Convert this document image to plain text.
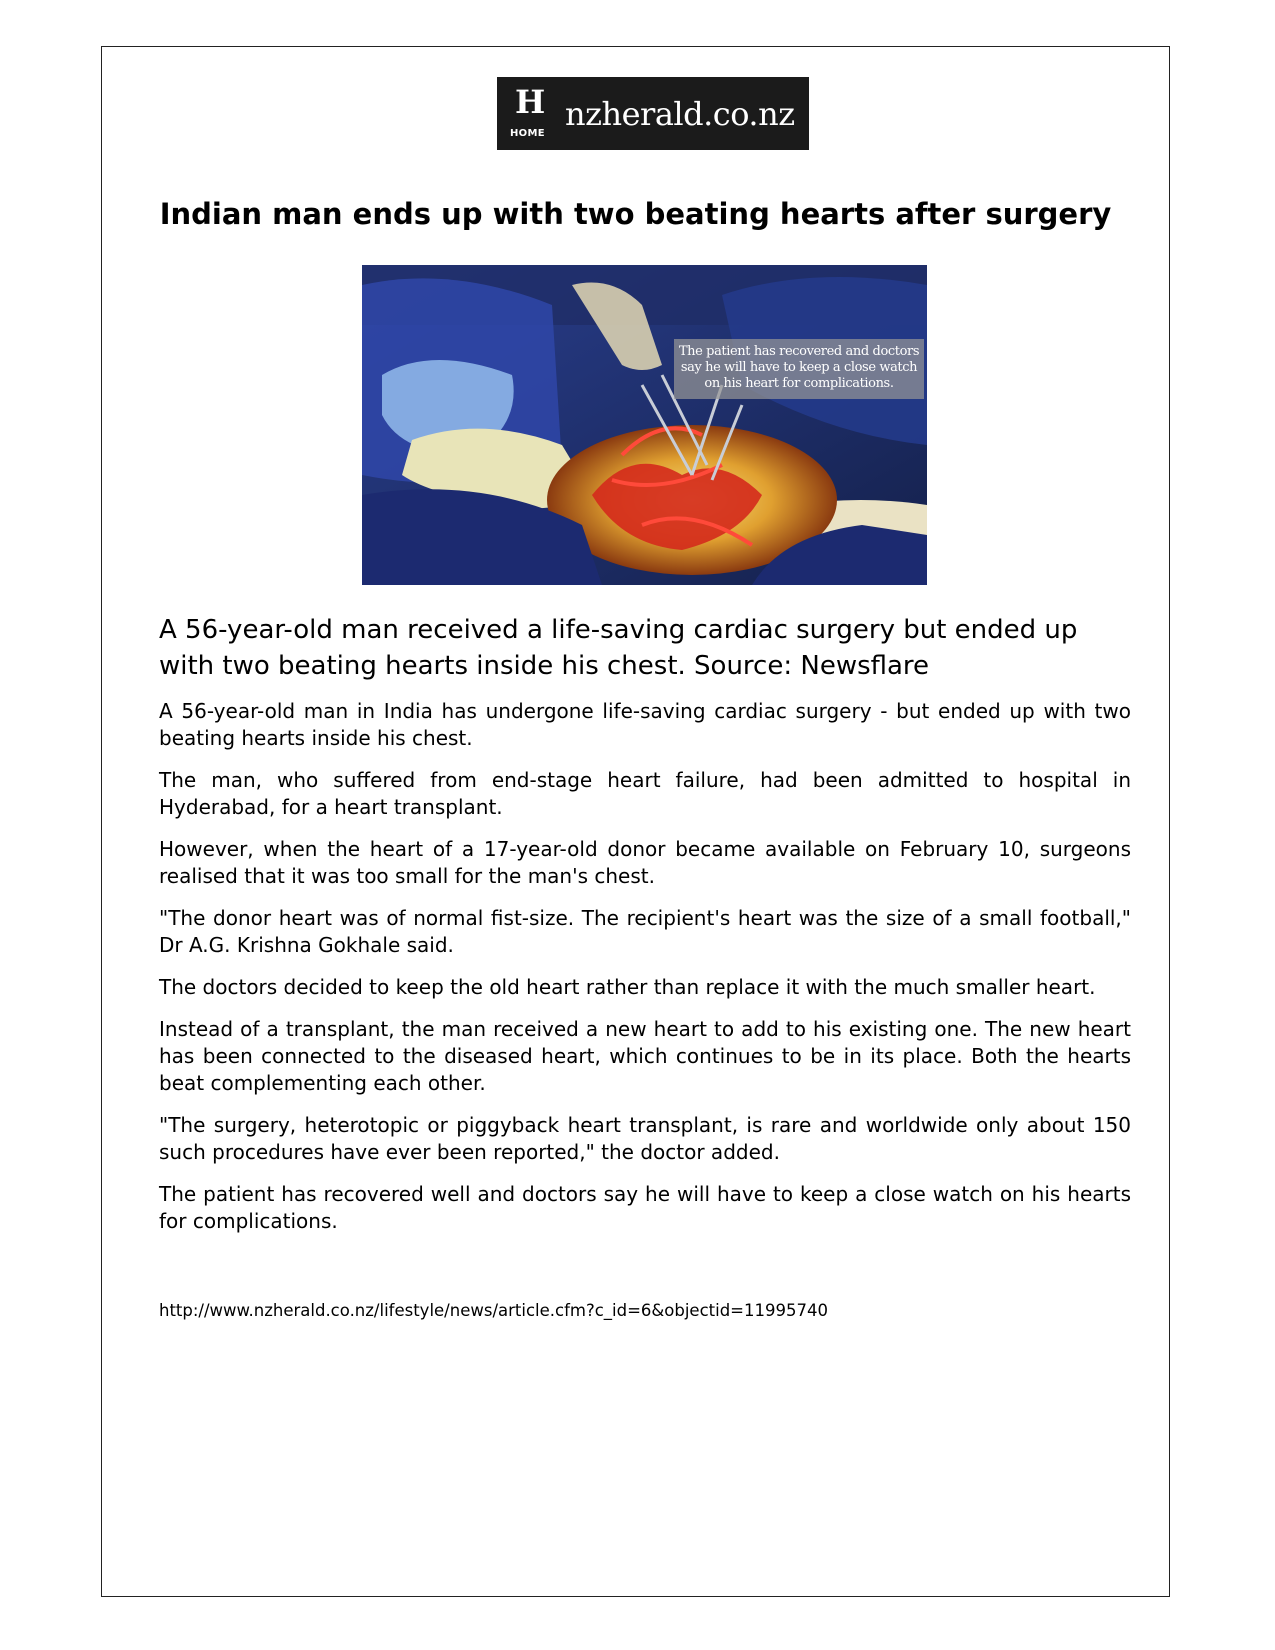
H
HOME
nzherald.co.nz
Indian man ends up with two beating hearts after surgery
The patient has recovered and doctors say he will have to keep a close watch on his heart for complications.

A 56-year-old man received a life-saving cardiac surgery but ended up with two beating hearts inside his chest. Source: Newsflare

A 56-year-old man in India has undergone life-saving cardiac surgery - but ended up with two beating hearts inside his chest.

The man, who suffered from end-stage heart failure, had been admitted to hospital in Hyderabad, for a heart transplant.

However, when the heart of a 17-year-old donor became available on February 10, surgeons realised that it was too small for the man's chest.

"The donor heart was of normal fist-size. The recipient's heart was the size of a small football," Dr A.G. Krishna Gokhale said.

The doctors decided to keep the old heart rather than replace it with the much smaller heart.

Instead of a transplant, the man received a new heart to add to his existing one. The new heart has been connected to the diseased heart, which continues to be in its place. Both the hearts beat complementing each other.

"The surgery, heterotopic or piggyback heart transplant, is rare and worldwide only about 150 such procedures have ever been reported," the doctor added.

The patient has recovered well and doctors say he will have to keep a close watch on his hearts for complications.

http://www.nzherald.co.nz/lifestyle/news/article.cfm?c_id=6&objectid=11995740
